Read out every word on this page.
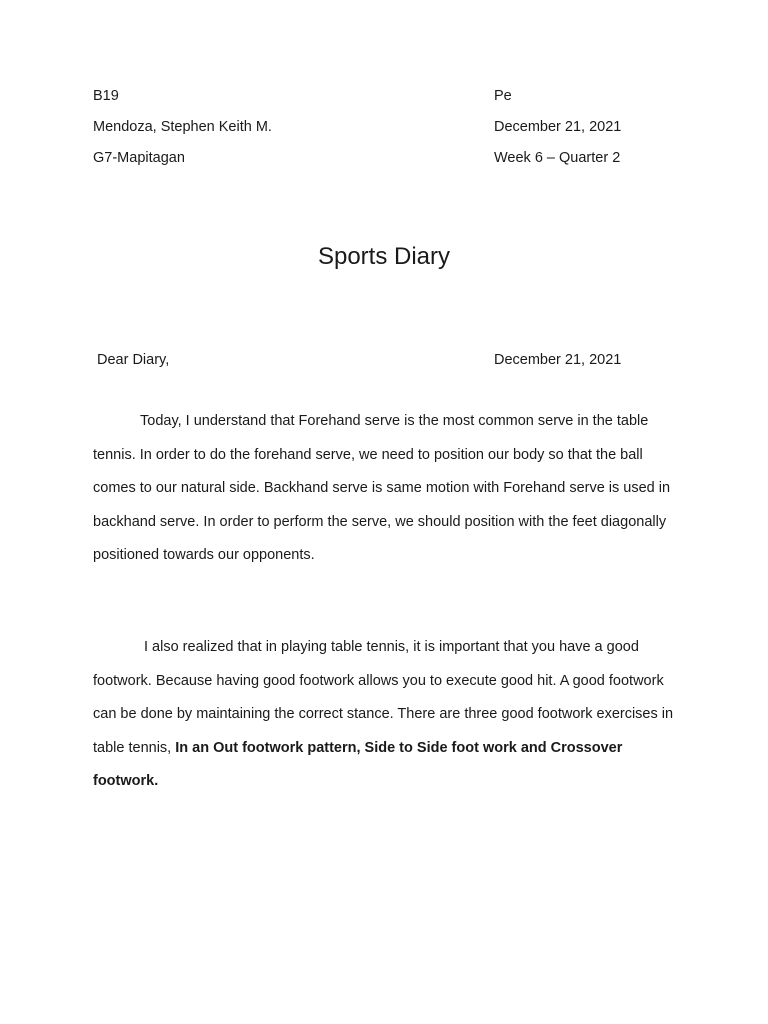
B19
Mendoza, Stephen Keith M.
G7-Mapitagan
Pe
December 21, 2021
Week 6 – Quarter 2
Sports Diary
Dear Diary,	December 21, 2021

Today, I understand that Forehand serve is the most common serve in the table tennis. In order to do the forehand serve, we need to position our body so that the ball comes to our natural side. Backhand serve is same motion with Forehand serve is used in backhand serve. In order to perform the serve, we should position with the feet diagonally positioned towards our opponents.

I also realized that in playing table tennis, it is important that you have a good footwork. Because having good footwork allows you to execute good hit. A good footwork can be done by maintaining the correct stance. There are three good footwork exercises in table tennis, In an Out footwork pattern, Side to Side foot work and Crossover footwork.
